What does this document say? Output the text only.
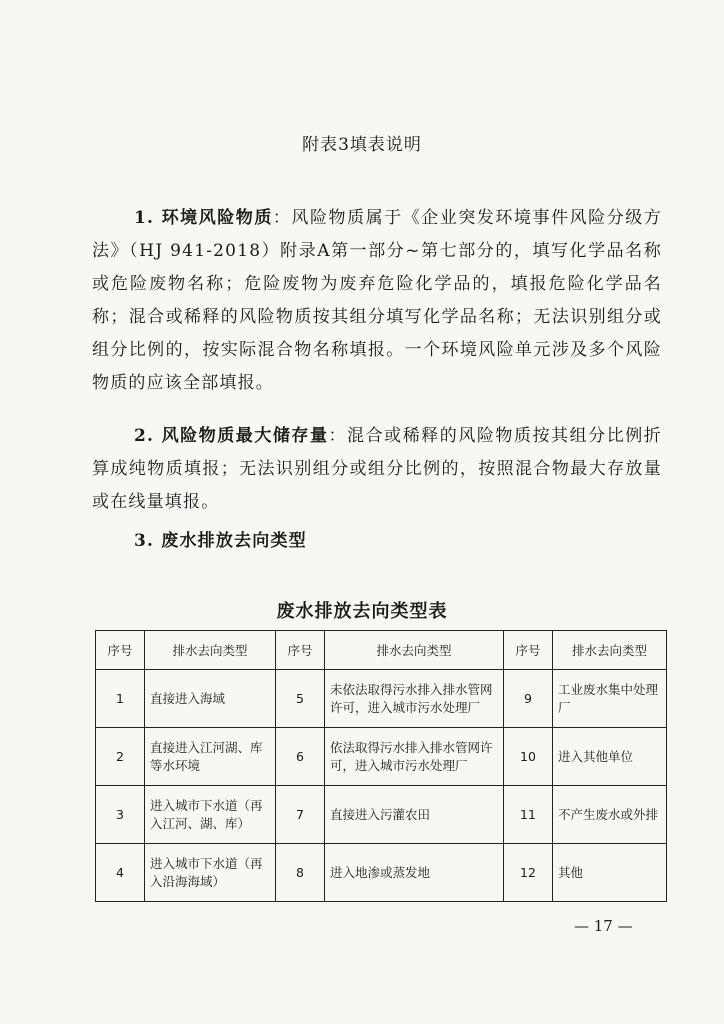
附表3填表说明
1. 环境风险物质：风险物质属于《企业突发环境事件风险分级方法》（HJ 941-2018）附录A第一部分~第七部分的，填写化学品名称或危险废物名称；危险废物为废弃危险化学品的，填报危险化学品名称；混合或稀释的风险物质按其组分填写化学品名称；无法识别组分或组分比例的，按实际混合物名称填报。一个环境风险单元涉及多个风险物质的应该全部填报。
2. 风险物质最大储存量：混合或稀释的风险物质按其组分比例折算成纯物质填报；无法识别组分或组分比例的，按照混合物最大存放量或在线量填报。
3. 废水排放去向类型
废水排放去向类型表
序号	排水去向类型	序号	排水去向类型	序号	排水去向类型
1	直接进入海域	5	未依法取得污水排入排水管网许可，进入城市污水处理厂	9	工业废水集中处理厂
2	直接进入江河湖、库等水环境	6	依法取得污水排入排水管网许可，进入城市污水处理厂	10	进入其他单位
3	进入城市下水道（再入江河、湖、库）	7	直接进入污灌农田	11	不产生废水或外排
4	进入城市下水道（再入沿海海域）	8	进入地渗或蒸发地	12	其他
— 17 —
